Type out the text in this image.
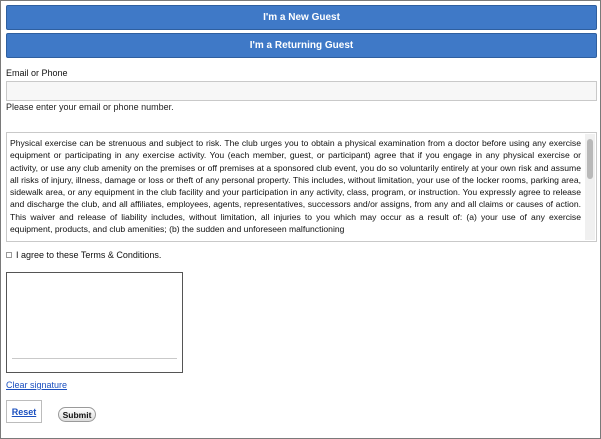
I'm a New Guest
I'm a Returning Guest
Email or Phone
Please enter your email or phone number.
Physical exercise can be strenuous and subject to risk. The club urges you to obtain a physical examination from a doctor before using any exercise equipment or participating in any exercise activity. You (each member, guest, or participant) agree that if you engage in any physical exercise or activity, or use any club amenity on the premises or off premises at a sponsored club event, you do so voluntarily entirely at your own risk and assume all risks of injury, illness, damage or loss or theft of any personal property. This includes, without limitation, your use of the locker rooms, parking area, sidewalk area, or any equipment in the club facility and your participation in any activity, class, program, or instruction. You expressly agree to release and discharge the club, and all affiliates, employees, agents, representatives, successors and/or assigns, from any and all claims or causes of action. This waiver and release of liability includes, without limitation, all injuries to you which may occur as a result of: (a) your use of any exercise equipment, products, and club amenities; (b) the sudden and unforeseen malfunctioning
I agree to these Terms & Conditions.
Clear signature
Reset	Submit
